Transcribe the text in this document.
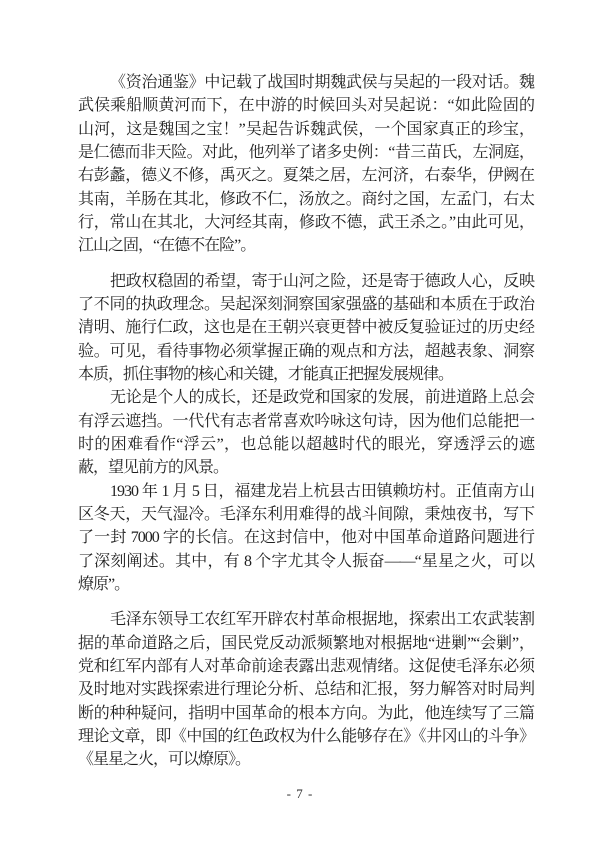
《资治通鉴》中记载了战国时期魏武侯与吴起的一段对话。魏
武侯乘船顺黄河而下，在中游的时候回头对吴起说：“如此险固的
山河，这是魏国之宝！”吴起告诉魏武侯，一个国家真正的珍宝，
是仁德而非天险。对此，他列举了诸多史例：“昔三苗氏，左洞庭，
右彭蠡，德义不修，禹灭之。夏桀之居，左河济，右泰华，伊阙在
其南，羊肠在其北，修政不仁，汤放之。商纣之国，左孟门，右太
行，常山在其北，大河经其南，修政不德，武王杀之。”由此可见，
江山之固，“在德不在险”。

把政权稳固的希望，寄于山河之险，还是寄于德政人心，反映
了不同的执政理念。吴起深刻洞察国家强盛的基础和本质在于政治
清明、施行仁政，这也是在王朝兴衰更替中被反复验证过的历史经
验。可见，看待事物必须掌握正确的观点和方法，超越表象、洞察
本质，抓住事物的核心和关键，才能真正把握发展规律。

无论是个人的成长，还是政党和国家的发展，前进道路上总会
有浮云遮挡。一代代有志者常喜欢吟咏这句诗，因为他们总能把一
时的困难看作“浮云”，也总能以超越时代的眼光，穿透浮云的遮
蔽，望见前方的风景。

1930 年 1 月 5 日，福建龙岩上杭县古田镇赖坊村。正值南方山
区冬天，天气湿冷。毛泽东利用难得的战斗间隙，秉烛夜书，写下
了一封 7000 字的长信。在这封信中，他对中国革命道路问题进行
了深刻阐述。其中，有 8 个字尤其令人振奋——“星星之火，可以
燎原”。

毛泽东领导工农红军开辟农村革命根据地，探索出工农武装割
据的革命道路之后，国民党反动派频繁地对根据地“进剿”“会剿”，
党和红军内部有人对革命前途表露出悲观情绪。这促使毛泽东必须
及时地对实践探索进行理论分析、总结和汇报，努力解答对时局判
断的种种疑问，指明中国革命的根本方向。为此，他连续写了三篇
理论文章，即《中国的红色政权为什么能够存在》《井冈山的斗争》
《星星之火，可以燎原》。

- 7 -
